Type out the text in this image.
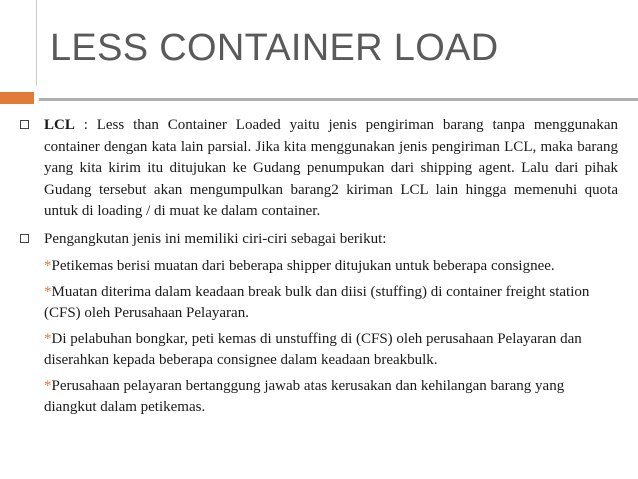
LESS CONTAINER LOAD
LCL : Less than Container Loaded yaitu jenis pengiriman barang tanpa menggunakan container dengan kata lain parsial. Jika kita menggunakan jenis pengiriman LCL, maka barang yang kita kirim itu ditujukan ke Gudang penumpukan dari shipping agent. Lalu dari pihak Gudang tersebut akan mengumpulkan barang2 kiriman LCL lain hingga memenuhi quota untuk di loading / di muat ke dalam container.
Pengangkutan jenis ini memiliki ciri-ciri sebagai berikut:
*Petikemas berisi muatan dari beberapa shipper ditujukan untuk beberapa consignee.
*Muatan diterima dalam keadaan break bulk dan diisi (stuffing) di container freight station (CFS) oleh Perusahaan Pelayaran.
*Di pelabuhan bongkar, peti kemas di unstuffing di (CFS) oleh perusahaan Pelayaran dan diserahkan kepada beberapa consignee dalam keadaan breakbulk.
*Perusahaan pelayaran bertanggung jawab atas kerusakan dan kehilangan barang yang diangkut dalam petikemas.
